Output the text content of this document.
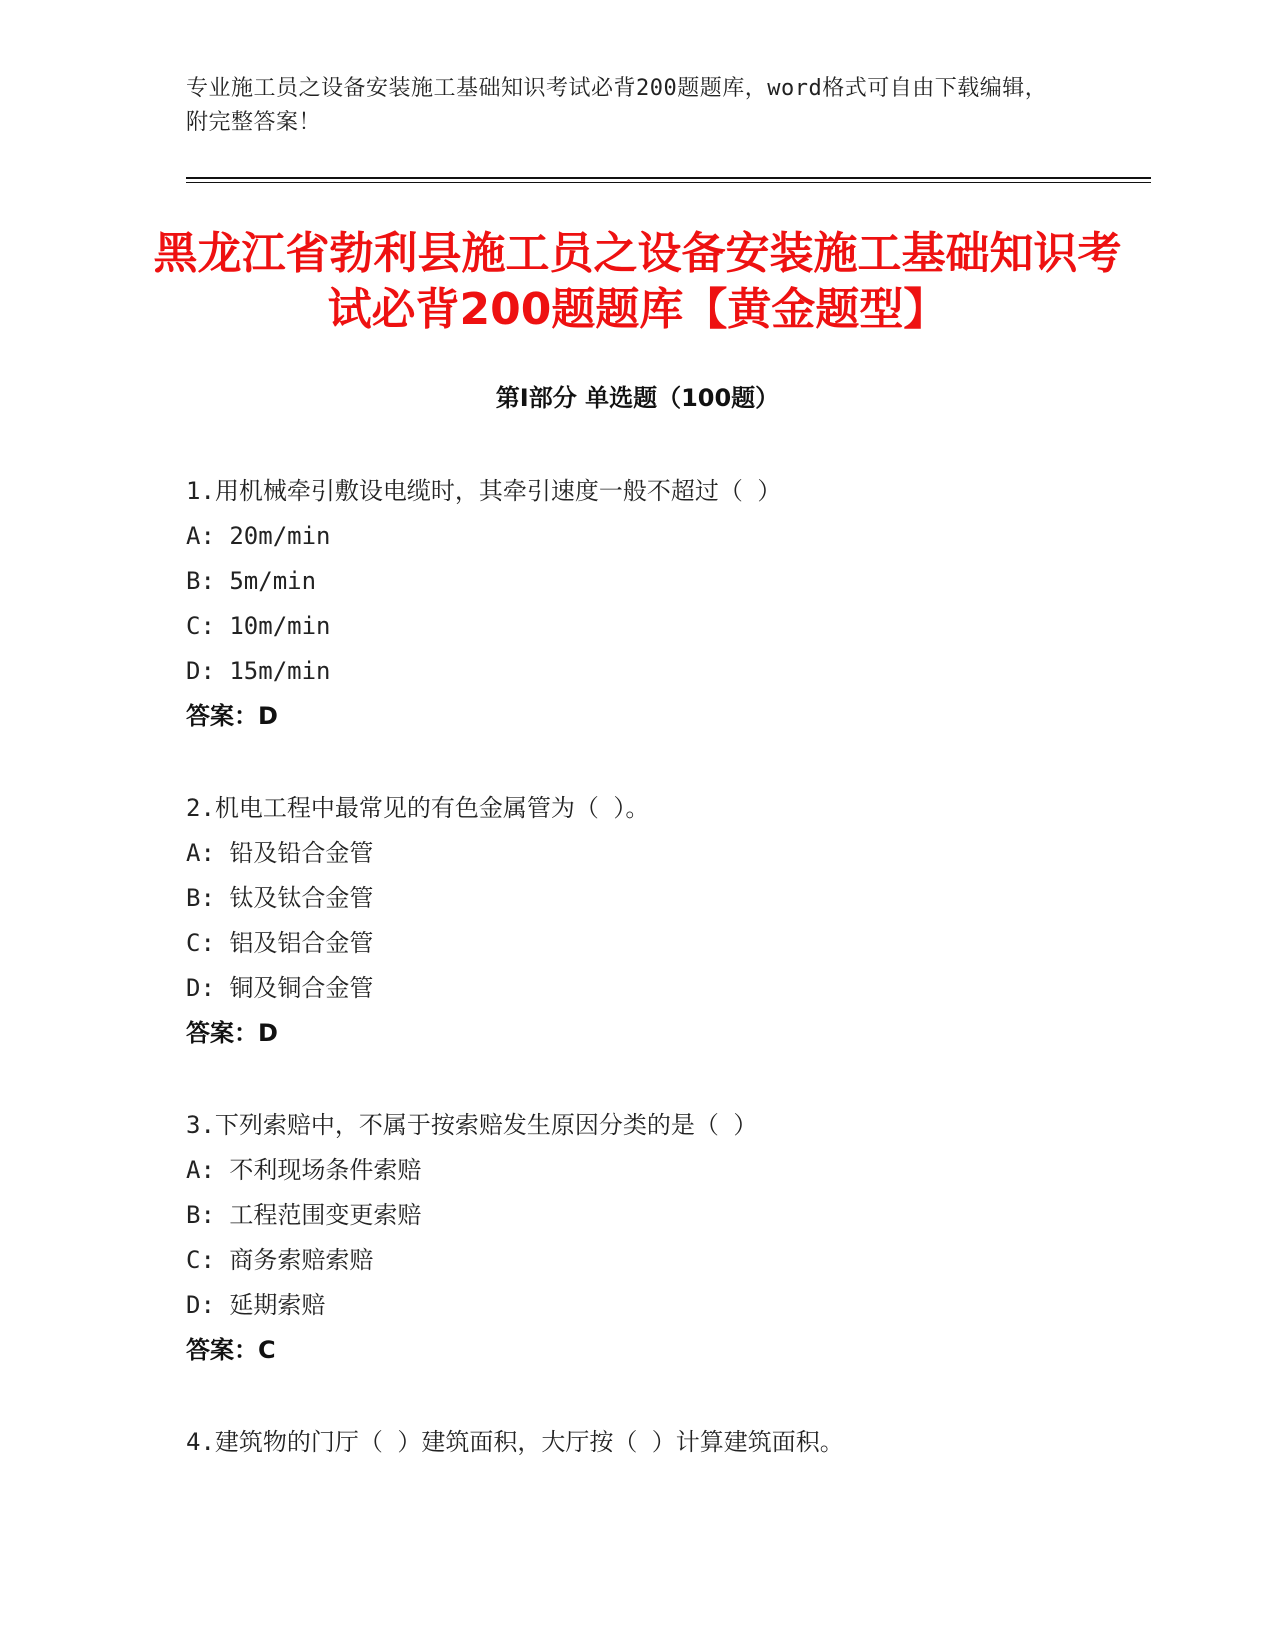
专业施工员之设备安装施工基础知识考试必背200题题库，word格式可自由下载编辑，附完整答案！
黑龙江省勃利县施工员之设备安装施工基础知识考试必背200题题库【黄金题型】
第Ⅰ部分 单选题（100题）
1.用机械牵引敷设电缆时，其牵引速度一般不超过（ ）
A: 20m/min
B: 5m/min
C: 10m/min
D: 15m/min
答案：D
2.机电工程中最常见的有色金属管为（ ）。
A: 铅及铅合金管
B: 钛及钛合金管
C: 铝及铝合金管
D: 铜及铜合金管
答案：D
3.下列索赔中，不属于按索赔发生原因分类的是（ ）
A: 不利现场条件索赔
B: 工程范围变更索赔
C: 商务索赔索赔
D: 延期索赔
答案：C
4.建筑物的门厅（ ）建筑面积，大厅按（ ）计算建筑面积。
